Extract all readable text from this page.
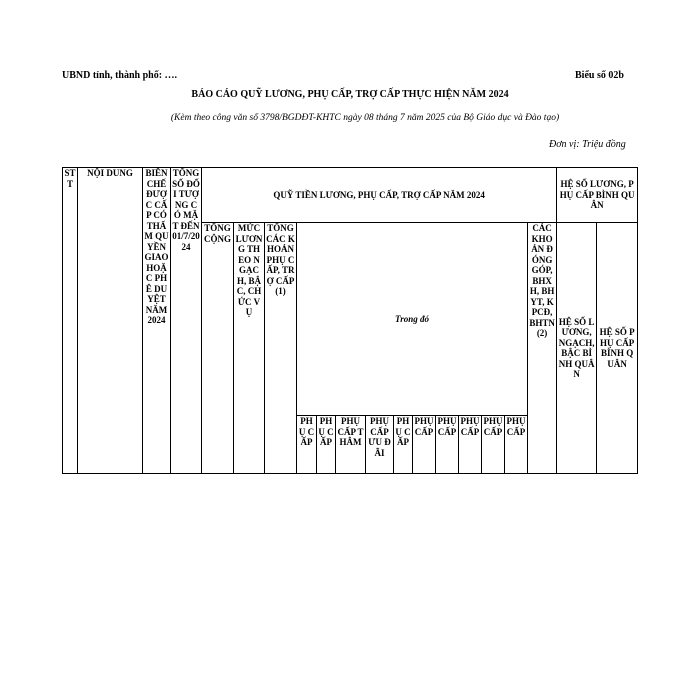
UBND tỉnh, thành phố: ….	Biểu số 02b
BÁO CÁO QUỸ LƯƠNG, PHỤ CẤP, TRỢ CẤP THỰC HIỆN NĂM 2024
(Kèm theo công văn số 3798/BGDĐT-KHTC ngày 08 tháng 7 năm 2025 của Bộ Giáo dục và Đào tạo)
Đơn vị: Triệu đồng
STT	NỘI DUNG	BIÊN CHẾ ĐƯỢC CẤP CÓ THẨM QUYỀN GIAO HOẶC PHÊ DUYỆT NĂM 2024	TỔNG SỐ ĐỐI TƯỢNG CÓ MẶT ĐẾN 01/7/2024	QUỸ TIỀN LƯƠNG, PHỤ CẤP, TRỢ CẤP NĂM 2024														HỆ SỐ LƯƠNG, PHỤ CẤP BÌNH QUÂN	
				TỔNG CỘNG	MỨC LƯƠNG THEO NGẠCH, BẬC, CHỨC VỤ	TỔNG CÁC KHOẢN PHỤ CẤP, TRỢ CẤP (1)	Trong đó										CÁC KHOẢN ĐÓNG GÓP, BHXH, BHYT, KPCĐ, BHTN (2)	HỆ SỐ LƯƠNG, NGẠCH, BẬC BÌNH QUÂN	HỆ SỐ PHỤ CẤP BÌNH QUÂN
							PHỤ CẤP	PHỤ CẤP	PHỤ CẤP THÂM	PHỤ CẤP ƯU ĐÃI	PHỤ CẤP	PHỤ CẤP	PHỤ CẤP	PHỤ CẤP	PHỤ CẤP	PHỤ CẤP			
